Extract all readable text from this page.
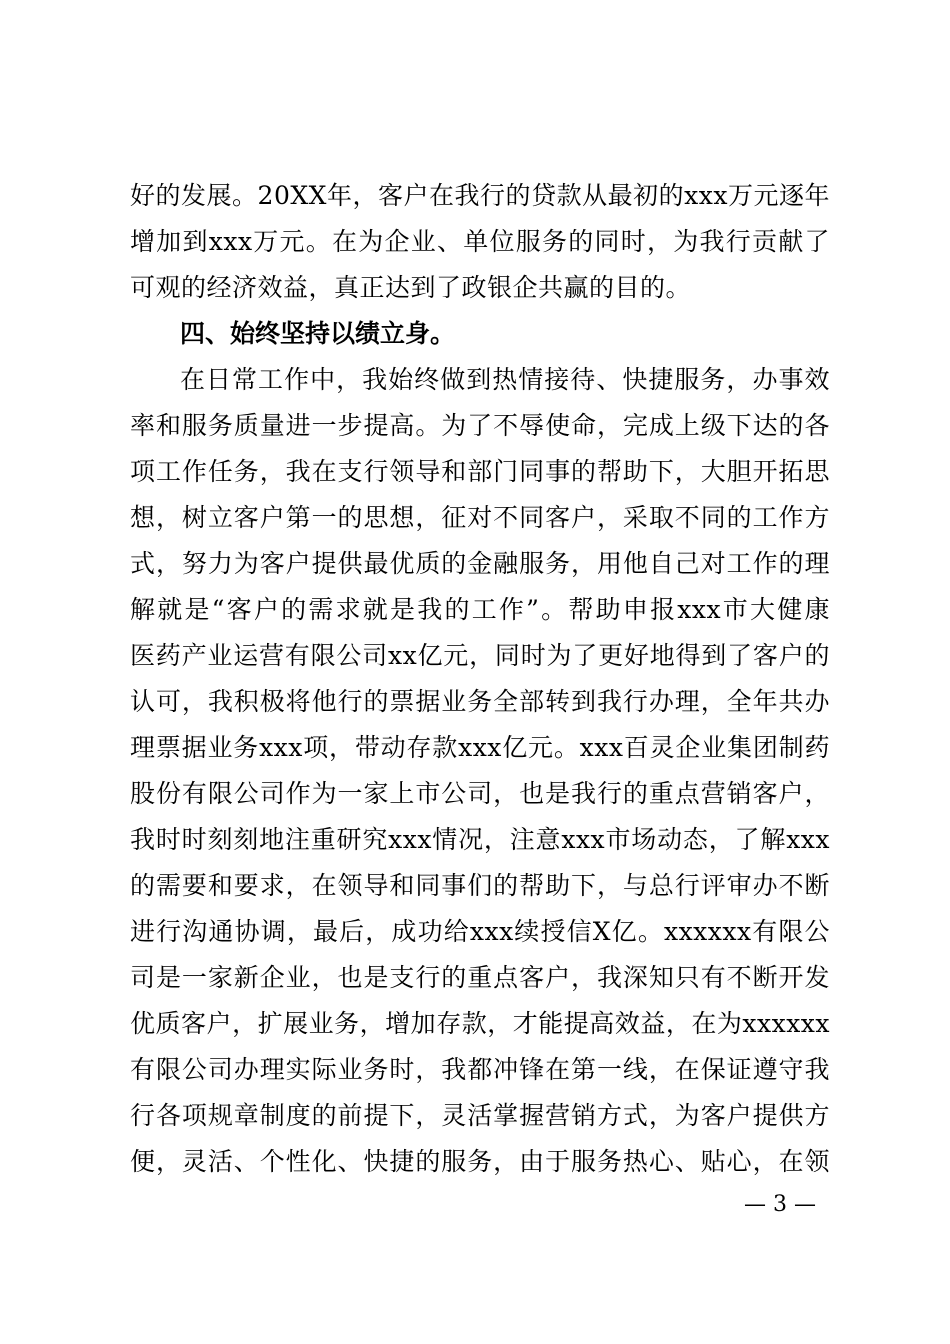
好的发展。20XX年，客户在我行的贷款从最初的xxx万元逐年
增加到xxx万元。在为企业、单位服务的同时，为我行贡献了
可观的经济效益，真正达到了政银企共赢的目的。
四、始终坚持以绩立身。
在日常工作中，我始终做到热情接待、快捷服务，办事效
率和服务质量进一步提高。为了不辱使命，完成上级下达的各
项工作任务，我在支行领导和部门同事的帮助下，大胆开拓思
想，树立客户第一的思想，征对不同客户，采取不同的工作方
式，努力为客户提供最优质的金融服务，用他自己对工作的理
解就是“客户的需求就是我的工作”。帮助申报xxx市大健康
医药产业运营有限公司xx亿元，同时为了更好地得到了客户的
认可，我积极将他行的票据业务全部转到我行办理，全年共办
理票据业务xxx项，带动存款xxx亿元。xxx百灵企业集团制药
股份有限公司作为一家上市公司，也是我行的重点营销客户，
我时时刻刻地注重研究xxx情况，注意xxx市场动态，了解xxx
的需要和要求，在领导和同事们的帮助下，与总行评审办不断
进行沟通协调，最后，成功给xxx续授信X亿。xxxxxx有限公
司是一家新企业，也是支行的重点客户，我深知只有不断开发
优质客户，扩展业务，增加存款，才能提高效益，在为xxxxxx
有限公司办理实际业务时，我都冲锋在第一线，在保证遵守我
行各项规章制度的前提下，灵活掌握营销方式，为客户提供方
便，灵活、个性化、快捷的服务，由于服务热心、贴心，在领
— 3 —
